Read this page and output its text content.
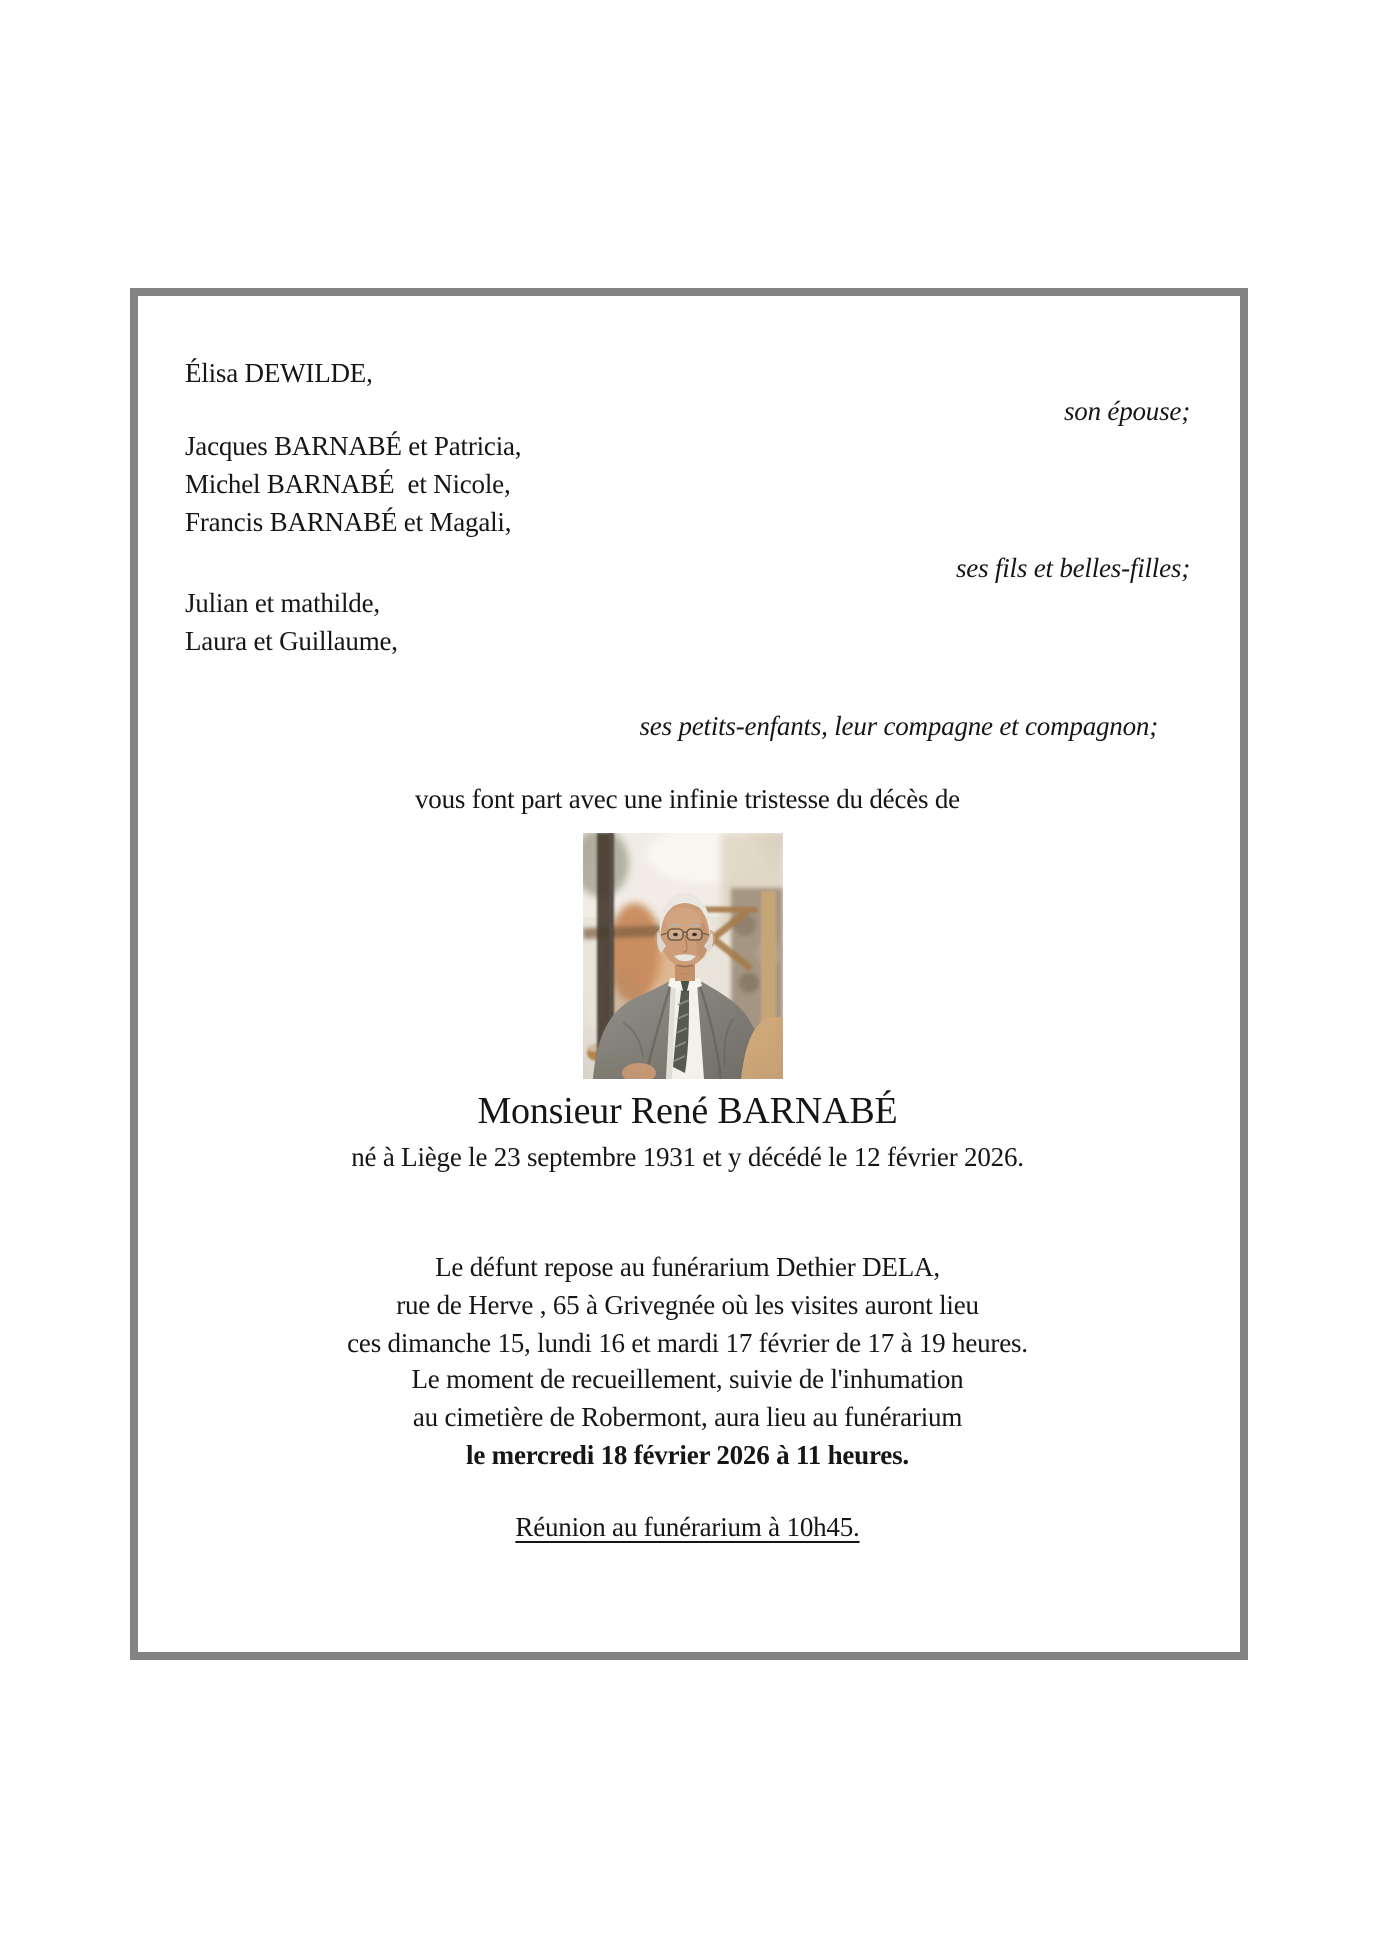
Élisa DEWILDE,
son épouse;
Jacques BARNABÉ et Patricia,
Michel BARNABÉ  et Nicole,
Francis BARNABÉ et Magali,
ses fils et belles-filles;
Julian et mathilde,
Laura et Guillaume,
ses petits-enfants, leur compagne et compagnon;
vous font part avec une infinie tristesse du décès de
Monsieur René BARNABÉ
né à Liège le 23 septembre 1931 et y décédé le 12 février 2026.
Le défunt repose au funérarium Dethier DELA,
rue de Herve , 65 à Grivegnée où les visites auront lieu
ces dimanche 15, lundi 16 et mardi 17 février de 17 à 19 heures.
Le moment de recueillement, suivie de l'inhumation
au cimetière de Robermont, aura lieu au funérarium
le mercredi 18 février 2026 à 11 heures.
Réunion au funérarium à 10h45.
